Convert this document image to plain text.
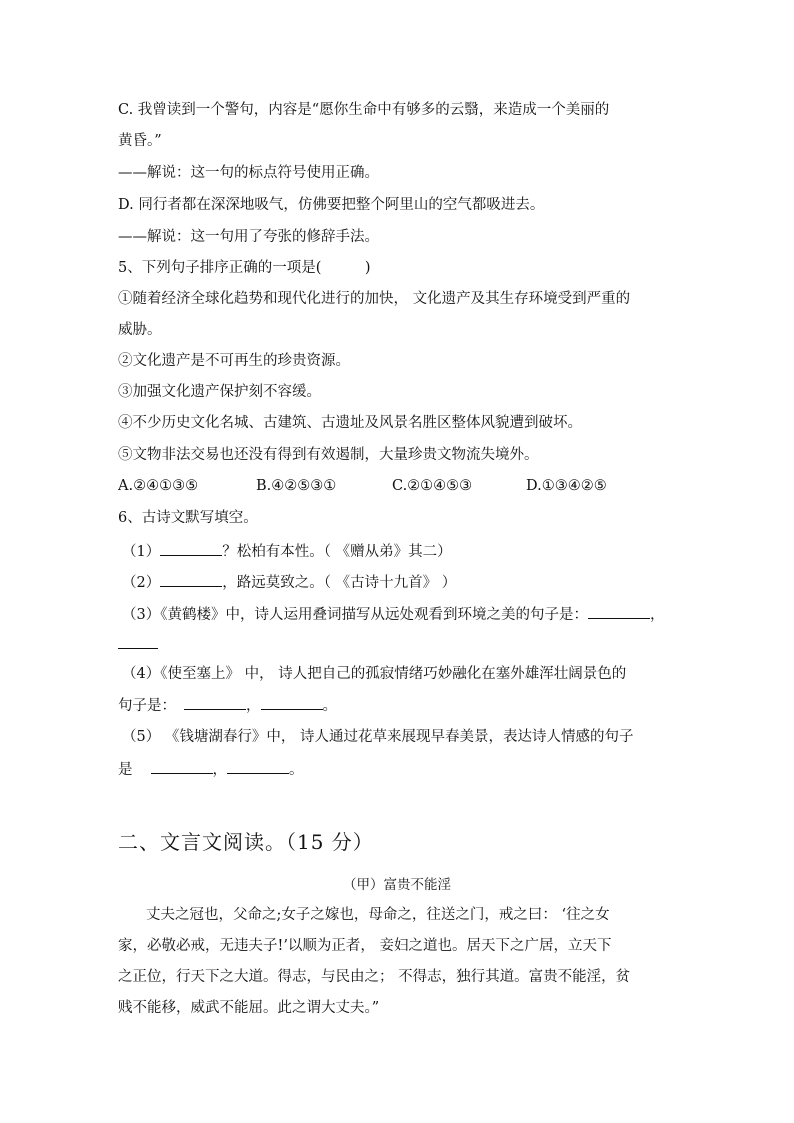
C. 我曾读到一个警句，内容是“愿你生命中有够多的云翳，来造成一个美丽的
黄昏。”
——解说：这一句的标点符号使用正确。
D. 同行者都在深深地吸气，仿佛要把整个阿里山的空气都吸进去。
——解说：这一句用了夸张的修辞手法。
5、下列句子排序正确的一项是(　　　)
①随着经济全球化趋势和现代化进行的加快， 文化遗产及其生存环境受到严重的
威胁。
②文化遗产是不可再生的珍贵资源。
③加强文化遗产保护刻不容缓。
④不少历史文化名城、古建筑、古遗址及风景名胜区整体风貌遭到破坏。
⑤文物非法交易也还没有得到有效遏制，大量珍贵文物流失境外。
A.②④①③⑤	B.④②⑤③①	C.②①④⑤③	D.①③④②⑤
6、古诗文默写填空。
（1）	？松柏有本性。（ 《赠从弟》其二）
（2）	，路远莫致之。（ 《古诗十九首》 ）
（3）《黄鹤楼》中，诗人运用叠词描写从远处观看到环境之美的句子是：	，
（4）《使至塞上》 中， 诗人把自己的孤寂情绪巧妙融化在塞外雄浑壮阔景色的
句子是：	，	。
（5） 《钱塘湖春行》中， 诗人通过花草来展现早春美景，表达诗人情感的句子
是	，	。
二、文言文阅读。（15 分）
（甲）富贵不能淫
丈夫之冠也，父命之;女子之嫁也，母命之，往送之门，戒之曰： ‘往之女
家，必敬必戒，无违夫子!’以顺为正者， 妾妇之道也。居天下之广居，立天下
之正位，行天下之大道。得志，与民由之； 不得志，独行其道。富贵不能淫，贫
贱不能移，威武不能屈。此之谓大丈夫。”
